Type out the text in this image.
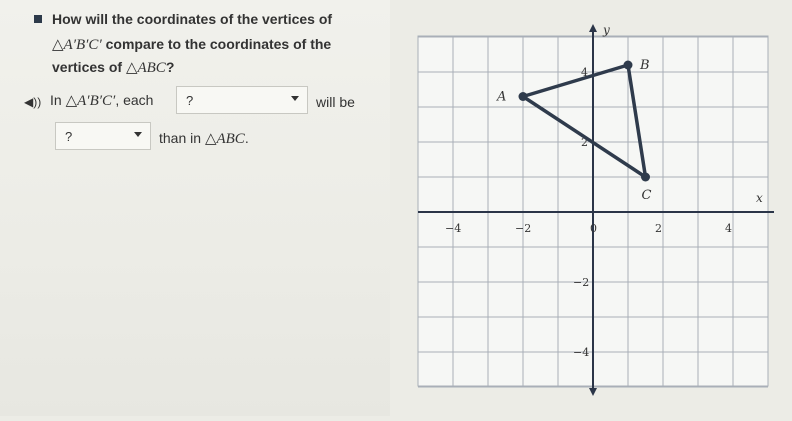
How will the coordinates of the vertices of
△A′B′C′ compare to the coordinates of the
vertices of △ABC?
◀)) In △A′B′C′, each	?	will be
?	than in △ABC.
y
x
−4	−2	0	2	4
4
2
−2
−4
A
B
C
